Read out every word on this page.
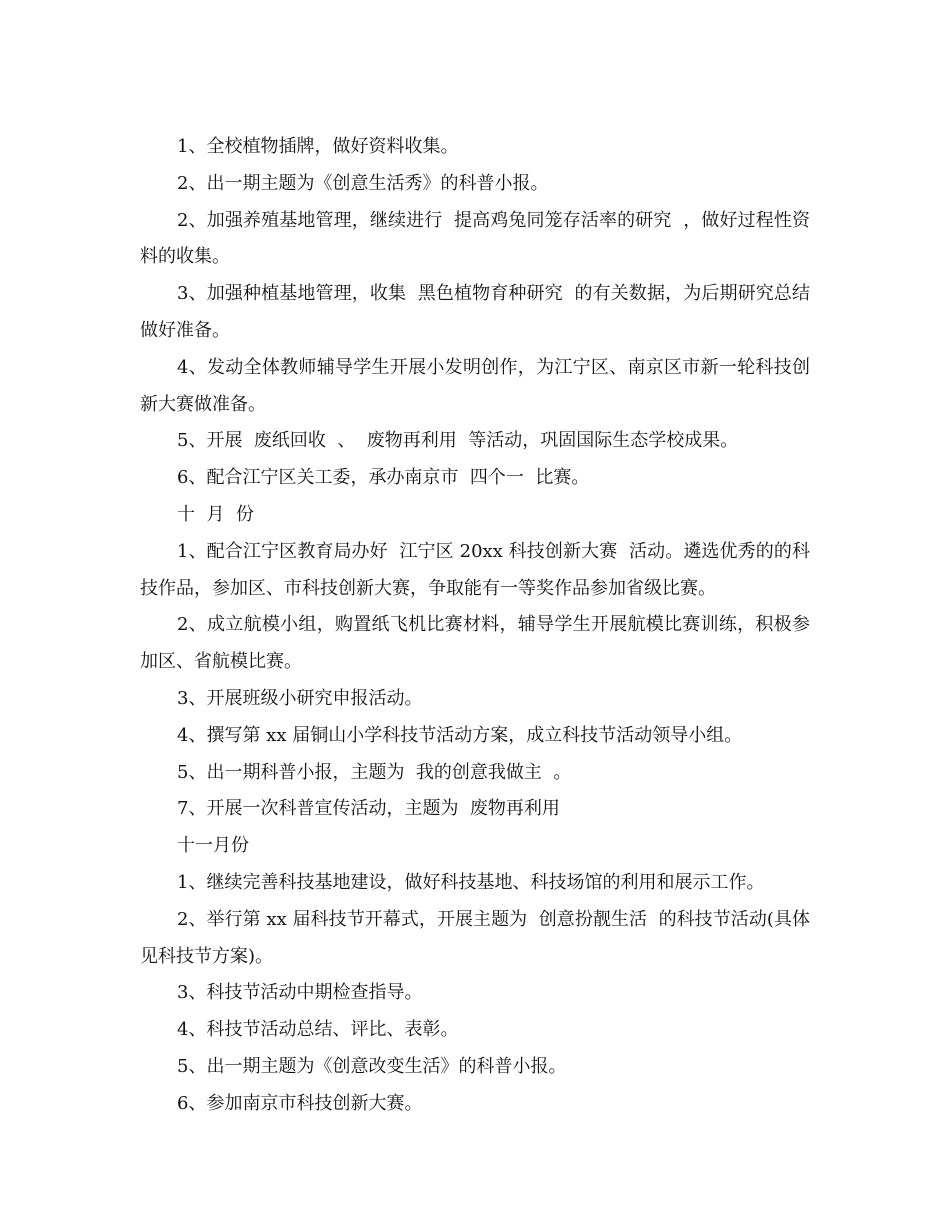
1、全校植物插牌，做好资料收集。

2、出一期主题为《创意生活秀》的科普小报。

2、加强养殖基地管理，继续进行  提高鸡兔同笼存活率的研究  ，做好过程性资料的收集。

3、加强种植基地管理，收集  黑色植物育种研究  的有关数据，为后期研究总结做好准备。

4、发动全体教师辅导学生开展小发明创作，为江宁区、南京区市新一轮科技创新大赛做准备。

5、开展  废纸回收  、  废物再利用  等活动，巩固国际生态学校成果。

6、配合江宁区关工委，承办南京市  四个一  比赛。

十  月  份

1、配合江宁区教育局办好  江宁区 20xx 科技创新大赛  活动。遴选优秀的的科技作品，参加区、市科技创新大赛，争取能有一等奖作品参加省级比赛。

2、成立航模小组，购置纸飞机比赛材料，辅导学生开展航模比赛训练，积极参加区、省航模比赛。

3、开展班级小研究申报活动。

4、撰写第 xx 届铜山小学科技节活动方案，成立科技节活动领导小组。

5、出一期科普小报，主题为  我的创意我做主  。

7、开展一次科普宣传活动，主题为  废物再利用

十一月份

1、继续完善科技基地建设，做好科技基地、科技场馆的利用和展示工作。

2、举行第 xx 届科技节开幕式，开展主题为  创意扮靓生活  的科技节活动(具体见科技节方案)。

3、科技节活动中期检查指导。

4、科技节活动总结、评比、表彰。

5、出一期主题为《创意改变生活》的科普小报。

6、参加南京市科技创新大赛。
